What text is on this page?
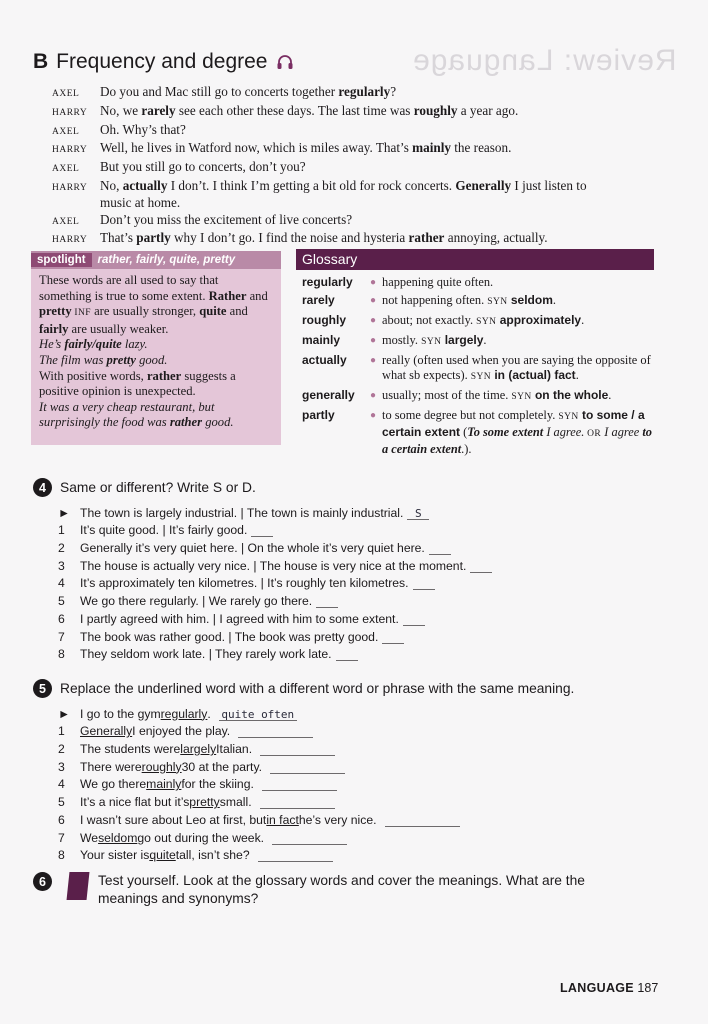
Review: Language
B Frequency and degree
AXEL	Do you and Mac still go to concerts together regularly?
HARRY No, we rarely see each other these days. The last time was roughly a year ago.
AXEL	Oh. Why’s that?
HARRY Well, he lives in Watford now, which is miles away. That’s mainly the reason.
AXEL	But you still go to concerts, don’t you?
HARRY No, actually I don’t. I think I’m getting a bit old for rock concerts. Generally I just listen to music at home.
AXEL	Don’t you miss the excitement of live concerts?
HARRY That’s partly why I don’t go. I find the noise and hysteria rather annoying, actually.
spotlight	rather, fairly, quite, pretty

These words are all used to say that something is true to some extent. Rather and pretty INF are usually stronger, quite and fairly are usually weaker.

He’s fairly/quite lazy.

The film was pretty good.

With positive words, rather suggests a positive opinion is unexpected.

It was a very cheap restaurant, but surprisingly the food was rather good.

Glossary
regularly	● happening quite often.
rarely	● not happening often. SYN seldom.
roughly	● about; not exactly. SYN approximately.
mainly	● mostly. SYN largely.
actually	● really (often used when you are saying the opposite of what sb expects). SYN in (actual) fact.
generally	● usually; most of the time. SYN on the whole.
partly	● to some degree but not completely. SYN to some / a certain extent (To some extent I agree. OR I agree to a certain extent.).
4	Same or different? Write S or D.
► The town is largely industrial. | The town is mainly industrial.	S
1	It’s quite good. | It’s fairly good.
2	Generally it’s very quiet here. | On the whole it’s very quiet here.
3	The house is actually very nice. | The house is very nice at the moment.
4	It’s approximately ten kilometres. | It’s roughly ten kilometres.
5	We go there regularly. | We rarely go there.
6	I partly agreed with him. | I agreed with him to some extent.
7	The book was rather good. | The book was pretty good.
8	They seldom work late. | They rarely work late.
5	Replace the underlined word with a different word or phrase with the same meaning.
► I go to the gym regularly . quite often
1	Generally I enjoyed the play.
2	The students were largely Italian.
3	There were roughly 30 at the party.
4	We go there mainly for the skiing.
5	It’s a nice flat but it’s pretty small.
6	I wasn’t sure about Leo at first, but in fact he’s very nice.
7	We seldom go out during the week.
8	Your sister is quite tall, isn’t she?
6	Test yourself. Look at the glossary words and cover the meanings. What are the meanings and synonyms?
LANGUAGE 187
